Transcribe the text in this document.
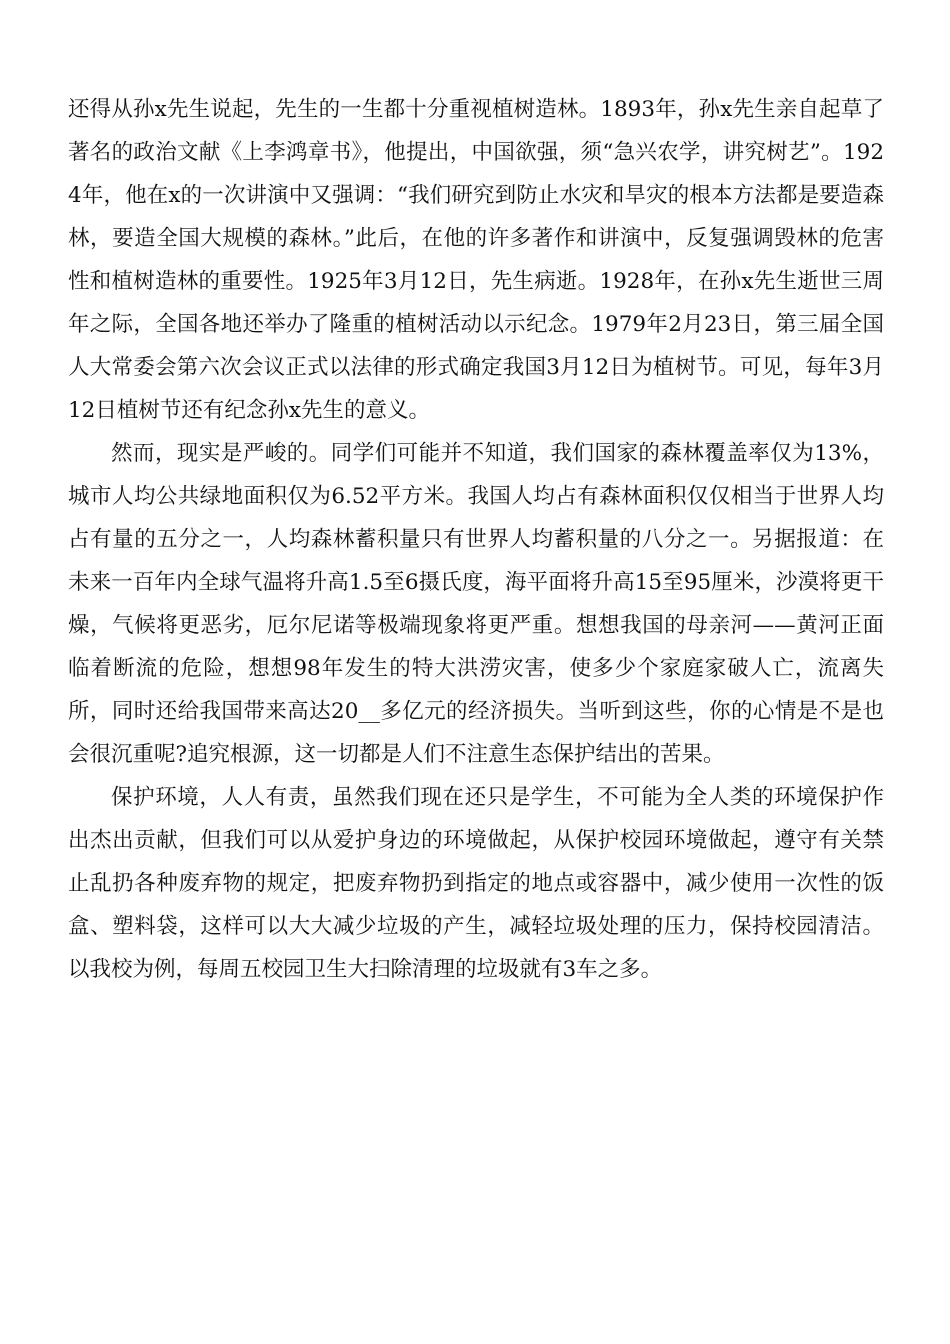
还得从孙x先生说起，先生的一生都十分重视植树造林。1893年，孙x先生亲自起草了著名的政治文献《上李鸿章书》，他提出，中国欲强，须“急兴农学，讲究树艺”。1924年，他在x的一次讲演中又强调：“我们研究到防止水灾和旱灾的根本方法都是要造森林，要造全国大规模的森林。”此后，在他的许多著作和讲演中，反复强调毁林的危害性和植树造林的重要性。1925年3月12日，先生病逝。1928年，在孙x先生逝世三周年之际，全国各地还举办了隆重的植树活动以示纪念。1979年2月23日，第三届全国人大常委会第六次会议正式以法律的形式确定我国3月12日为植树节。可见，每年3月12日植树节还有纪念孙x先生的意义。

然而，现实是严峻的。同学们可能并不知道，我们国家的森林覆盖率仅为13%，城市人均公共绿地面积仅为6.52平方米。我国人均占有森林面积仅仅相当于世界人均占有量的五分之一，人均森林蓄积量只有世界人均蓄积量的八分之一。另据报道：在未来一百年内全球气温将升高1.5至6摄氏度，海平面将升高15至95厘米，沙漠将更干燥，气候将更恶劣，厄尔尼诺等极端现象将更严重。想想我国的母亲河——黄河正面临着断流的危险，想想98年发生的特大洪涝灾害，使多少个家庭家破人亡，流离失所，同时还给我国带来高达20__多亿元的经济损失。当听到这些，你的心情是不是也会很沉重呢?追究根源，这一切都是人们不注意生态保护结出的苦果。

保护环境，人人有责，虽然我们现在还只是学生，不可能为全人类的环境保护作出杰出贡献，但我们可以从爱护身边的环境做起，从保护校园环境做起，遵守有关禁止乱扔各种废弃物的规定，把废弃物扔到指定的地点或容器中，减少使用一次性的饭盒、塑料袋，这样可以大大减少垃圾的产生，减轻垃圾处理的压力，保持校园清洁。以我校为例，每周五校园卫生大扫除清理的垃圾就有3车之多。
